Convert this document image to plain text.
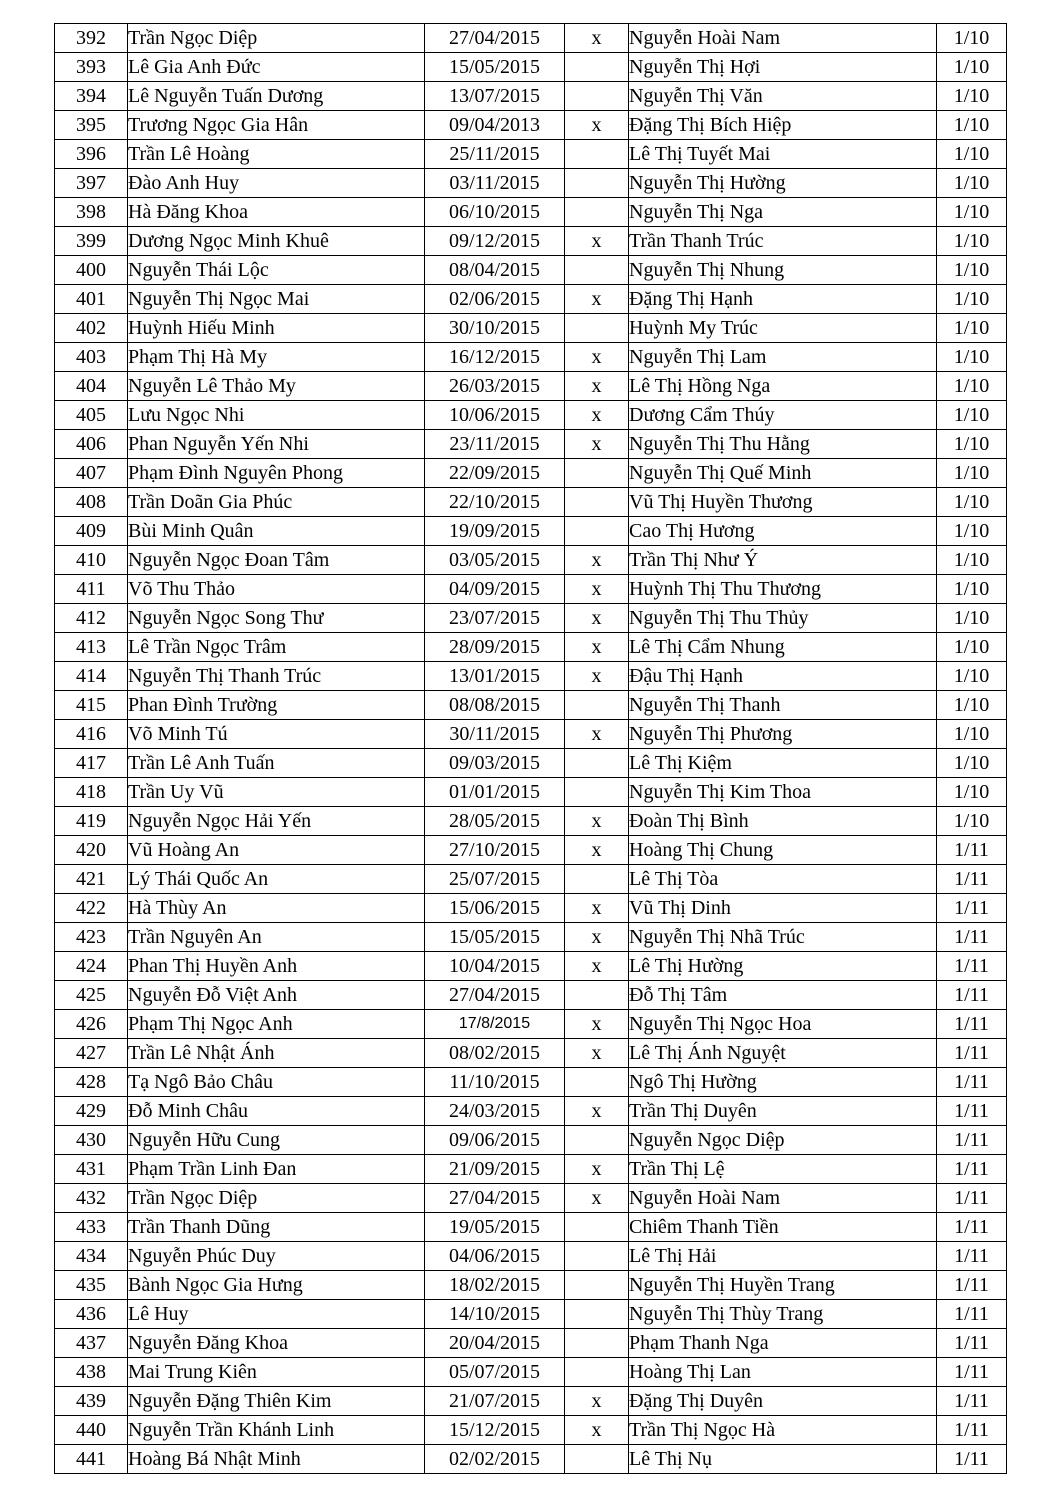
392	Trần Ngọc Diệp	27/04/2015	x	Nguyễn Hoài Nam	1/10
393	Lê Gia Anh Đức	15/05/2015		Nguyễn Thị Hợi	1/10
394	Lê Nguyễn Tuấn Dương	13/07/2015		Nguyễn Thị Văn	1/10
395	Trương Ngọc Gia Hân	09/04/2013	x	Đặng Thị Bích Hiệp	1/10
396	Trần Lê Hoàng	25/11/2015		Lê Thị Tuyết Mai	1/10
397	Đào Anh Huy	03/11/2015		Nguyễn Thị Hường	1/10
398	Hà Đăng Khoa	06/10/2015		Nguyễn Thị Nga	1/10
399	Dương Ngọc Minh Khuê	09/12/2015	x	Trần Thanh Trúc	1/10
400	Nguyễn Thái Lộc	08/04/2015		Nguyễn Thị Nhung	1/10
401	Nguyễn Thị Ngọc Mai	02/06/2015	x	Đặng Thị Hạnh	1/10
402	Huỳnh Hiếu Minh	30/10/2015		Huỳnh My Trúc	1/10
403	Phạm Thị Hà My	16/12/2015	x	Nguyễn Thị Lam	1/10
404	Nguyễn Lê Thảo My	26/03/2015	x	Lê Thị Hồng Nga	1/10
405	Lưu Ngọc Nhi	10/06/2015	x	Dương Cẩm Thúy	1/10
406	Phan Nguyễn Yến Nhi	23/11/2015	x	Nguyễn Thị Thu Hằng	1/10
407	Phạm Đình Nguyên Phong	22/09/2015		Nguyễn Thị Quế Minh	1/10
408	Trần Doãn Gia Phúc	22/10/2015		Vũ Thị Huyền Thương	1/10
409	Bùi Minh Quân	19/09/2015		Cao Thị Hương	1/10
410	Nguyễn Ngọc Đoan Tâm	03/05/2015	x	Trần Thị Như Ý	1/10
411	Võ Thu Thảo	04/09/2015	x	Huỳnh Thị Thu Thương	1/10
412	Nguyễn Ngọc Song Thư	23/07/2015	x	Nguyễn Thị Thu Thủy	1/10
413	Lê Trần Ngọc Trâm	28/09/2015	x	Lê Thị Cẩm Nhung	1/10
414	Nguyễn Thị Thanh Trúc	13/01/2015	x	Đậu Thị Hạnh	1/10
415	Phan Đình Trường	08/08/2015		Nguyễn Thị Thanh	1/10
416	Võ Minh Tú	30/11/2015	x	Nguyễn Thị Phương	1/10
417	Trần Lê Anh Tuấn	09/03/2015		Lê Thị Kiệm	1/10
418	Trần Uy Vũ	01/01/2015		Nguyễn Thị Kim Thoa	1/10
419	Nguyễn Ngọc Hải Yến	28/05/2015	x	Đoàn Thị Bình	1/10
420	Vũ Hoàng An	27/10/2015	x	Hoàng Thị Chung	1/11
421	Lý Thái Quốc An	25/07/2015		Lê Thị Tòa	1/11
422	Hà Thùy An	15/06/2015	x	Vũ Thị Dinh	1/11
423	Trần Nguyên An	15/05/2015	x	Nguyễn Thị Nhã Trúc	1/11
424	Phan Thị Huyền Anh	10/04/2015	x	Lê Thị Hường	1/11
425	Nguyễn Đỗ Việt Anh	27/04/2015		Đỗ Thị Tâm	1/11
426	Phạm Thị Ngọc Anh	17/8/2015	x	Nguyễn Thị Ngọc Hoa	1/11
427	Trần Lê Nhật Ánh	08/02/2015	x	Lê Thị Ánh Nguyệt	1/11
428	Tạ Ngô Bảo Châu	11/10/2015		Ngô Thị Hường	1/11
429	Đỗ Minh Châu	24/03/2015	x	Trần Thị Duyên	1/11
430	Nguyễn Hữu Cung	09/06/2015		Nguyễn Ngọc Diệp	1/11
431	Phạm Trần Linh Đan	21/09/2015	x	Trần Thị Lệ	1/11
432	Trần Ngọc Diệp	27/04/2015	x	Nguyễn Hoài Nam	1/11
433	Trần Thanh Dũng	19/05/2015		Chiêm Thanh Tiền	1/11
434	Nguyễn Phúc Duy	04/06/2015		Lê Thị Hải	1/11
435	Bành Ngọc Gia Hưng	18/02/2015		Nguyễn Thị Huyền Trang	1/11
436	Lê Huy	14/10/2015		Nguyễn Thị Thùy Trang	1/11
437	Nguyễn Đăng Khoa	20/04/2015		Phạm Thanh Nga	1/11
438	Mai Trung Kiên	05/07/2015		Hoàng Thị Lan	1/11
439	Nguyễn Đặng Thiên Kim	21/07/2015	x	Đặng Thị Duyên	1/11
440	Nguyễn Trần Khánh Linh	15/12/2015	x	Trần Thị Ngọc Hà	1/11
441	Hoàng Bá Nhật Minh	02/02/2015		Lê Thị Nụ	1/11
